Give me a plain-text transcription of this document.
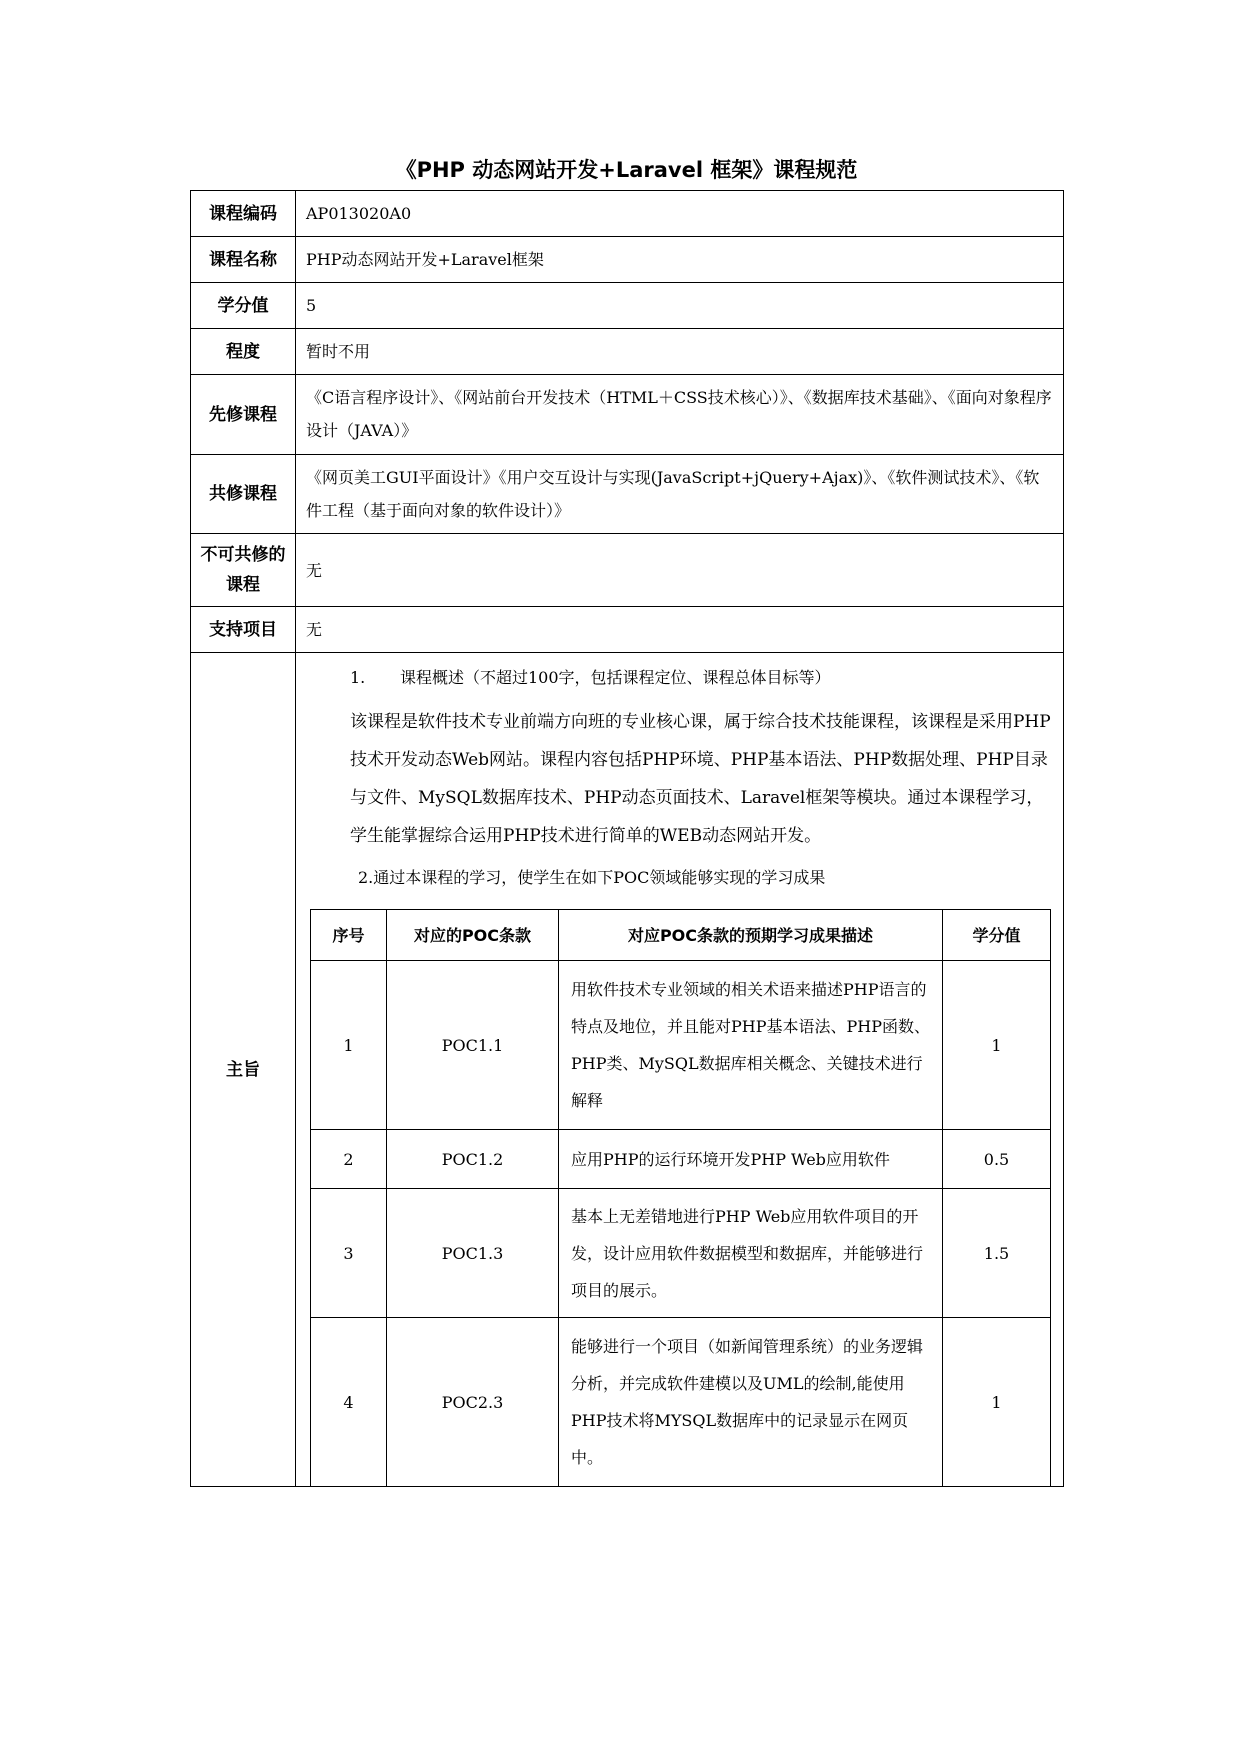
《PHP 动态网站开发+Laravel 框架》课程规范
课程编码	AP013020A0
课程名称	PHP动态网站开发+Laravel框架
学分值	5
程度	暂时不用
先修课程	《C语言程序设计》、《网站前台开发技术（HTML＋CSS技术核心）》、《数据库技术基础》、《面向对象程序设计（JAVA）》
共修课程	《网页美工GUI平面设计》《用户交互设计与实现(JavaScript+jQuery+Ajax)》、《软件测试技术》、《软件工程（基于面向对象的软件设计）》
不可共修的课程	无
支持项目	无
主旨	
1. 课程概述（不超过100字，包括课程定位、课程总体目标等）
该课程是软件技术专业前端方向班的专业核心课，属于综合技术技能课程，该课程是采用PHP技术开发动态Web网站。课程内容包括PHP环境、PHP基本语法、PHP数据处理、PHP目录与文件、MySQL数据库技术、PHP动态页面技术、Laravel框架等模块。通过本课程学习，学生能掌握综合运用PHP技术进行简单的WEB动态网站开发。
2.通过本课程的学习，使学生在如下POC领域能够实现的学习成果
序号	对应的POC条款	对应POC条款的预期学习成果描述	学分值
1	POC1.1	用软件技术专业领域的相关术语来描述PHP语言的特点及地位，并且能对PHP基本语法、PHP函数、PHP类、MySQL数据库相关概念、关键技术进行解释	1
2	POC1.2	应用PHP的运行环境开发PHP Web应用软件	0.5
3	POC1.3	基本上无差错地进行PHP Web应用软件项目的开发，设计应用软件数据模型和数据库，并能够进行项目的展示。	1.5
4	POC2.3	能够进行一个项目（如新闻管理系统）的业务逻辑分析，并完成软件建模以及UML的绘制,能使用PHP技术将MYSQL数据库中的记录显示在网页中。	1
